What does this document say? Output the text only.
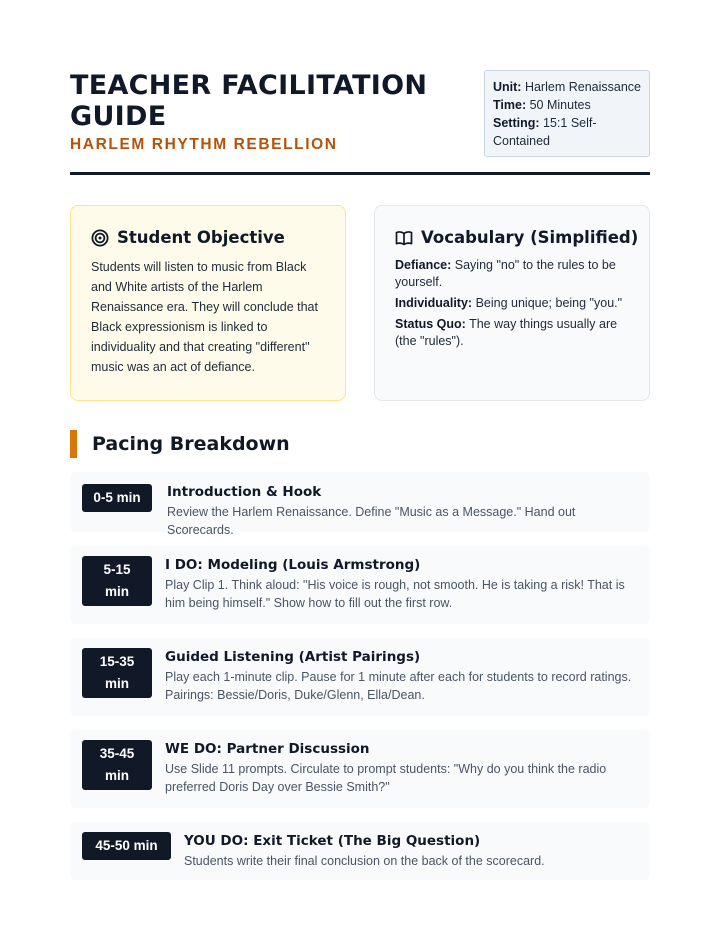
TEACHER FACILITATION GUIDE
HARLEM RHYTHM REBELLION
Unit: Harlem Renaissance
Time: 50 Minutes
Setting: 15:1 Self-Contained
Student Objective

Students will listen to music from Black and White artists of the Harlem Renaissance era. They will conclude that Black expressionism is linked to individuality and that creating "different" music was an act of defiance.

Vocabulary (Simplified)
Defiance: Saying "no" to the rules to be yourself.
Individuality: Being unique; being "you."
Status Quo: The way things usually are (the "rules").
Pacing Breakdown
0-5 min	Introduction & Hook
Review the Harlem Renaissance. Define "Music as a Message." Hand out Scorecards.
5-15 min
I DO: Modeling (Louis Armstrong)
Play Clip 1. Think aloud: "His voice is rough, not smooth. He is taking a risk! That is him being himself." Show how to fill out the first row.
15-35 min
Guided Listening (Artist Pairings)
Play each 1-minute clip. Pause for 1 minute after each for students to record ratings. Pairings: Bessie/Doris, Duke/Glenn, Ella/Dean.
35-45 min
WE DO: Partner Discussion
Use Slide 11 prompts. Circulate to prompt students: "Why do you think the radio preferred Doris Day over Bessie Smith?"
45-50 min	YOU DO: Exit Ticket (The Big Question)
Students write their final conclusion on the back of the scorecard.
